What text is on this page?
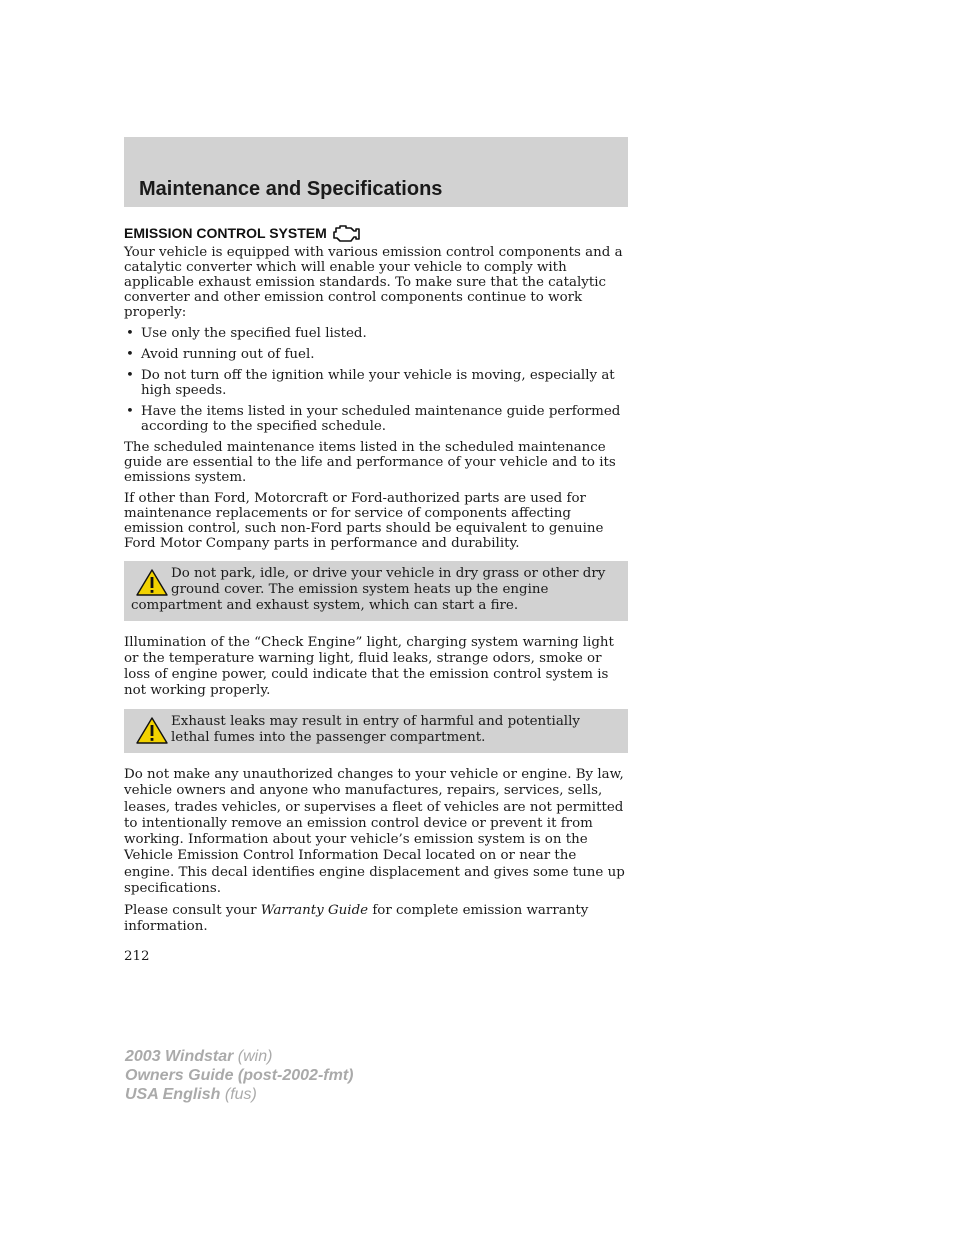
Maintenance and Specifications
EMISSION CONTROL SYSTEM

Your vehicle is equipped with various emission control components and a catalytic converter which will enable your vehicle to comply with applicable exhaust emission standards. To make sure that the catalytic converter and other emission control components continue to work properly:

• Use only the specified fuel listed.
• Avoid running out of fuel.
• Do not turn off the ignition while your vehicle is moving, especially at high speeds.
• Have the items listed in your scheduled maintenance guide performed according to the specified schedule.

The scheduled maintenance items listed in the scheduled maintenance guide are essential to the life and performance of your vehicle and to its emissions system.

If other than Ford, Motorcraft or Ford-authorized parts are used for maintenance replacements or for service of components affecting emission control, such non-Ford parts should be equivalent to genuine Ford Motor Company parts in performance and durability.

Do not park, idle, or drive your vehicle in dry grass or other dry ground cover. The emission system heats up the engine compartment and exhaust system, which can start a fire.

Illumination of the “Check Engine” light, charging system warning light or the temperature warning light, fluid leaks, strange odors, smoke or loss of engine power, could indicate that the emission control system is not working properly.

Exhaust leaks may result in entry of harmful and potentially lethal fumes into the passenger compartment.

Do not make any unauthorized changes to your vehicle or engine. By law, vehicle owners and anyone who manufactures, repairs, services, sells, leases, trades vehicles, or supervises a fleet of vehicles are not permitted to intentionally remove an emission control device or prevent it from working. Information about your vehicle’s emission system is on the Vehicle Emission Control Information Decal located on or near the engine. This decal identifies engine displacement and gives some tune up specifications.

Please consult your Warranty Guide for complete emission warranty information.

212
2003 Windstar (win)
Owners Guide (post-2002-fmt)
USA English (fus)
